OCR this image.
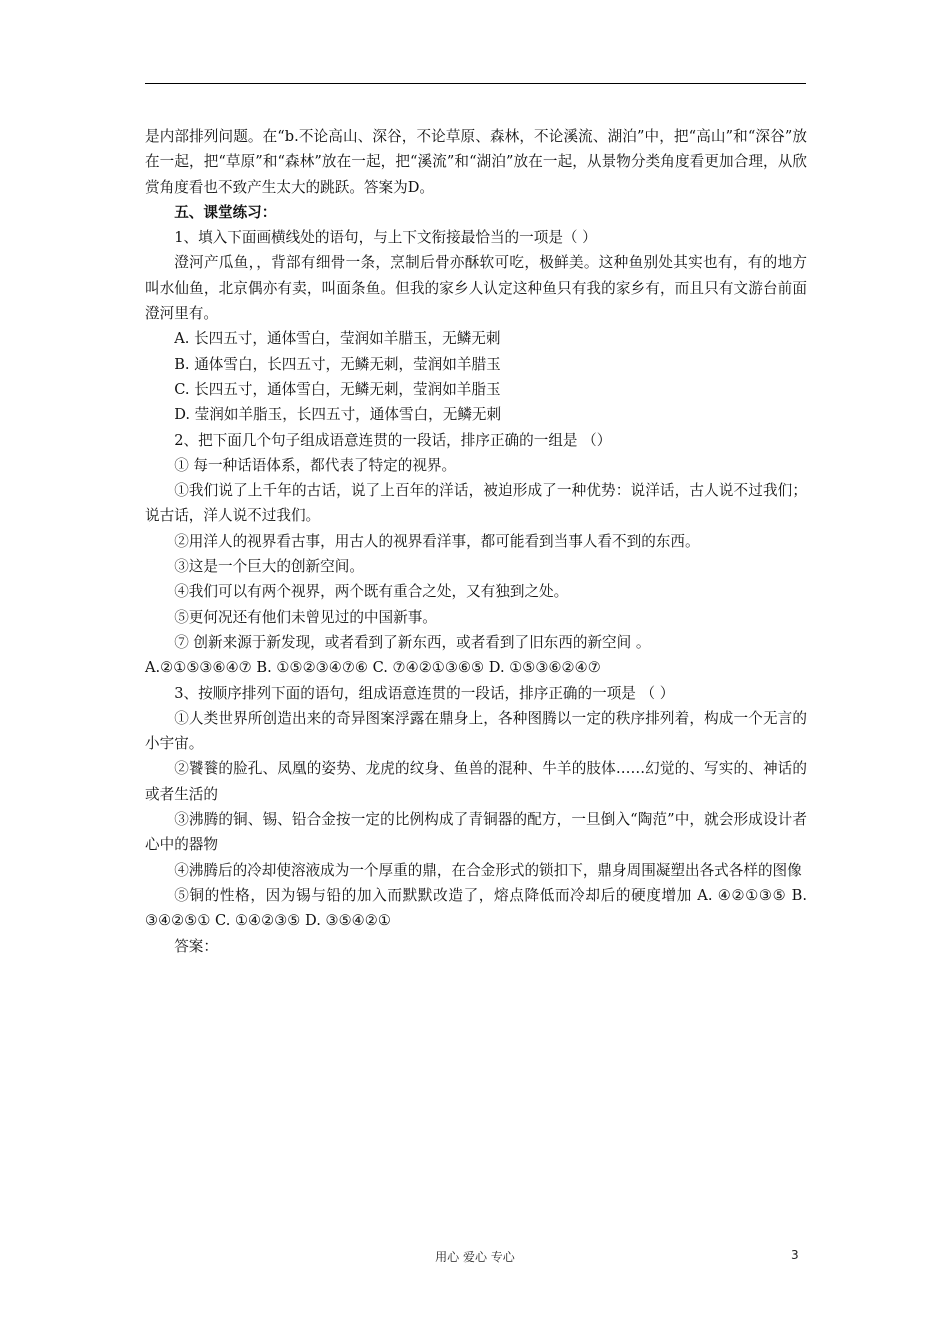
是内部排列问题。在“b.不论高山、深谷，不论草原、森林，不论溪流、湖泊”中，把“高山”和“深谷”放在一起，把“草原”和“森林”放在一起，把“溪流”和“湖泊”放在一起，从景物分类角度看更加合理，从欣赏角度看也不致产生太大的跳跃。答案为D。

五、课堂练习：

1、填入下面画横线处的语句，与上下文衔接最恰当的一项是（ ）

澄河产瓜鱼，，背部有细骨一条，烹制后骨亦酥软可吃，极鲜美。这种鱼别处其实也有，有的地方叫水仙鱼，北京偶亦有卖，叫面条鱼。但我的家乡人认定这种鱼只有我的家乡有，而且只有文游台前面澄河里有。

A. 长四五寸，通体雪白，莹润如羊腊玉，无鳞无刺

B. 通体雪白，长四五寸，无鳞无刺，莹润如羊腊玉

C. 长四五寸，通体雪白，无鳞无刺，莹润如羊脂玉

D. 莹润如羊脂玉，长四五寸，通体雪白，无鳞无刺

2、把下面几个句子组成语意连贯的一段话，排序正确的一组是 （）

① 每一种话语体系，都代表了特定的视界。

①我们说了上千年的古话，说了上百年的洋话，被迫形成了一种优势：说洋话，古人说不过我们；说古话，洋人说不过我们。

②用洋人的视界看古事，用古人的视界看洋事，都可能看到当事人看不到的东西。

③这是一个巨大的创新空间。

④我们可以有两个视界，两个既有重合之处，又有独到之处。

⑤更何况还有他们未曾见过的中国新事。

⑦ 创新来源于新发现，或者看到了新东西，或者看到了旧东西的新空间 。

A.②①⑤③⑥④⑦ B. ①⑤②③④⑦⑥ C. ⑦④②①③⑥⑤ D. ①⑤③⑥②④⑦

3、按顺序排列下面的语句，组成语意连贯的一段话，排序正确的一项是 （ ）

①人类世界所创造出来的奇异图案浮露在鼎身上，各种图腾以一定的秩序排列着，构成一个无言的小宇宙。

②饕餮的脸孔、凤凰的姿势、龙虎的纹身、鱼兽的混种、牛羊的肢体……幻觉的、写实的、神话的或者生活的

③沸腾的铜、锡、铅合金按一定的比例构成了青铜器的配方，一旦倒入“陶范”中，就会形成设计者心中的器物

④沸腾后的冷却使溶液成为一个厚重的鼎，在合金形式的锁扣下，鼎身周围凝塑出各式各样的图像

⑤铜的性格，因为锡与铅的加入而默默改造了，熔点降低而冷却后的硬度增加 A. ④②①③⑤ B. ③④②⑤① C. ①④②③⑤ D. ③⑤④②①

答案：

用心 爱心 专心	3
